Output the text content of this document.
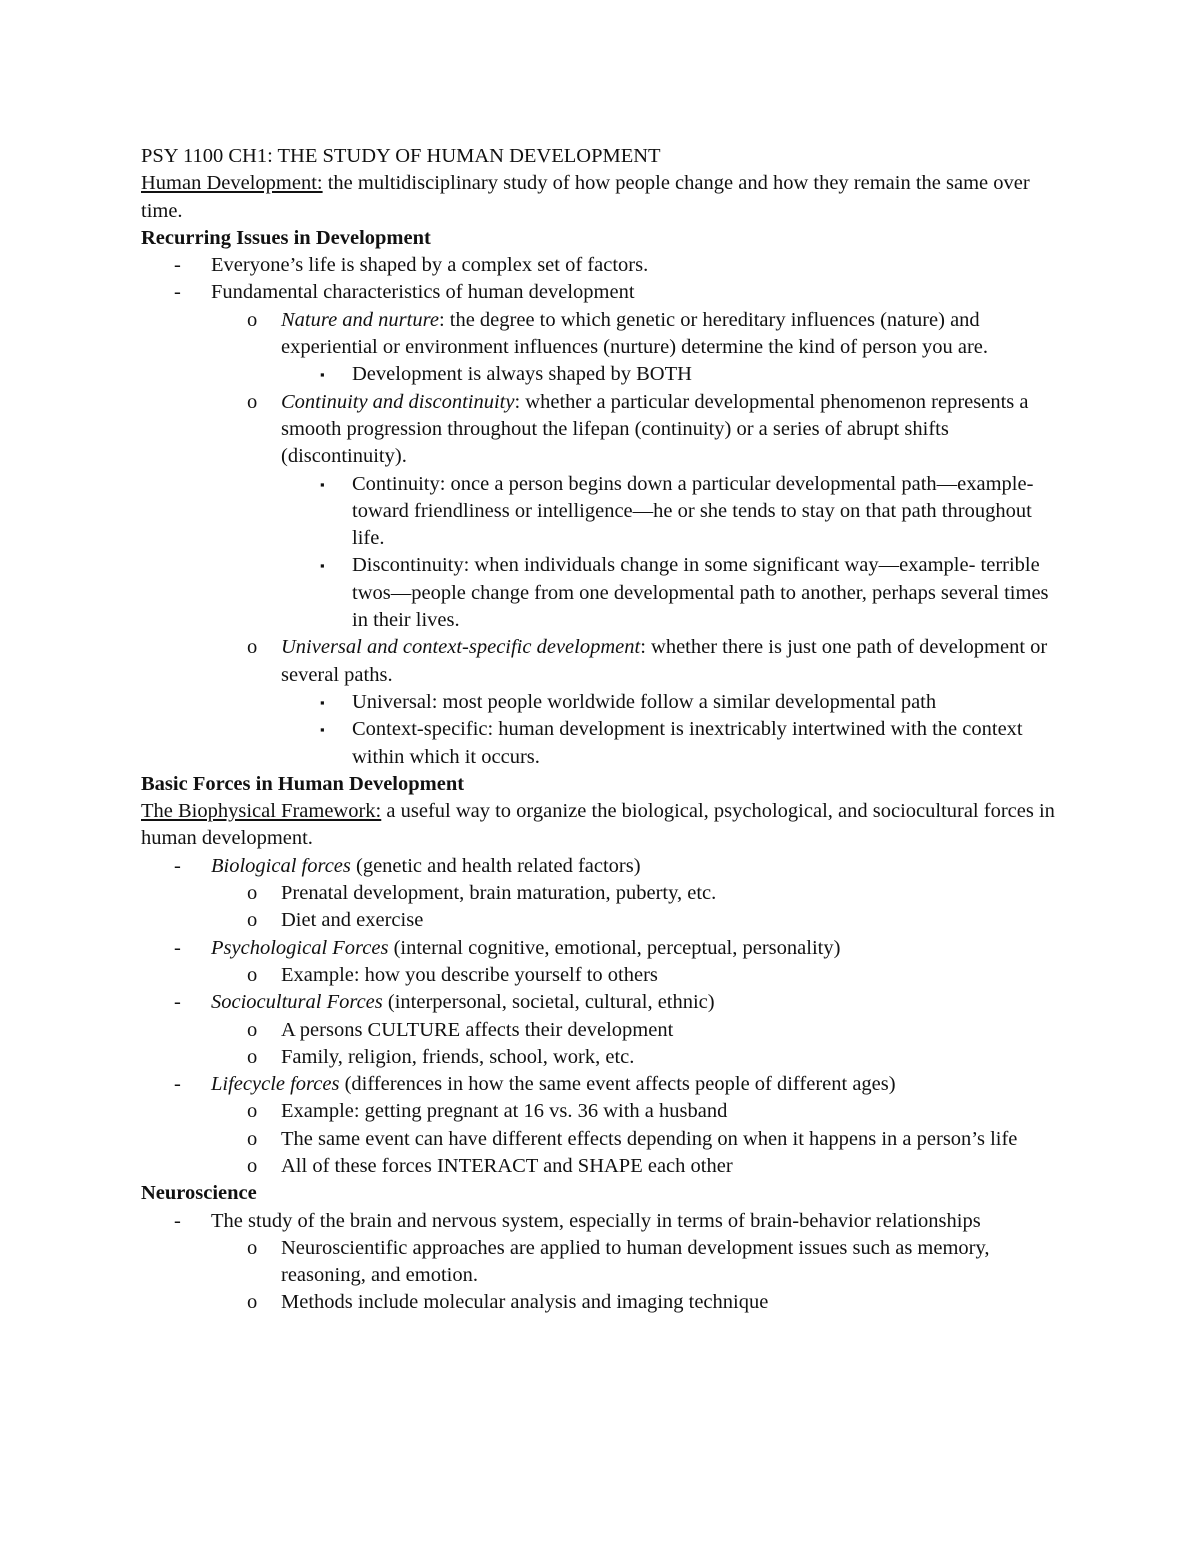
PSY 1100 CH1: THE STUDY OF HUMAN DEVELOPMENT

Human Development: the multidisciplinary study of how people change and how they remain the same over time.

Recurring Issues in Development

- Everyone’s life is shaped by a complex set of factors.
- Fundamental characteristics of human development
o Nature and nurture: the degree to which genetic or hereditary influences (nature) and experiential or environment influences (nurture) determine the kind of person you are.
▪ Development is always shaped by BOTH
o Continuity and discontinuity: whether a particular developmental phenomenon represents a smooth progression throughout the lifepan (continuity) or a series of abrupt shifts (discontinuity).
▪ Continuity: once a person begins down a particular developmental path—example- toward friendliness or intelligence—he or she tends to stay on that path throughout life.
▪ Discontinuity: when individuals change in some significant way—example- terrible twos—people change from one developmental path to another, perhaps several times in their lives.
o Universal and context-specific development: whether there is just one path of development or several paths.
▪ Universal: most people worldwide follow a similar developmental path
▪ Context-specific: human development is inextricably intertwined with the context within which it occurs.

Basic Forces in Human Development

The Biophysical Framework: a useful way to organize the biological, psychological, and sociocultural forces in human development.

- Biological forces (genetic and health related factors)
o Prenatal development, brain maturation, puberty, etc.
o Diet and exercise
- Psychological Forces (internal cognitive, emotional, perceptual, personality)
o Example: how you describe yourself to others
- Sociocultural Forces (interpersonal, societal, cultural, ethnic)
o A persons CULTURE affects their development
o Family, religion, friends, school, work, etc.
- Lifecycle forces (differences in how the same event affects people of different ages)
o Example: getting pregnant at 16 vs. 36 with a husband
o The same event can have different effects depending on when it happens in a person’s life
o All of these forces INTERACT and SHAPE each other

Neuroscience

- The study of the brain and nervous system, especially in terms of brain-behavior relationships
o Neuroscientific approaches are applied to human development issues such as memory, reasoning, and emotion.
o Methods include molecular analysis and imaging technique
